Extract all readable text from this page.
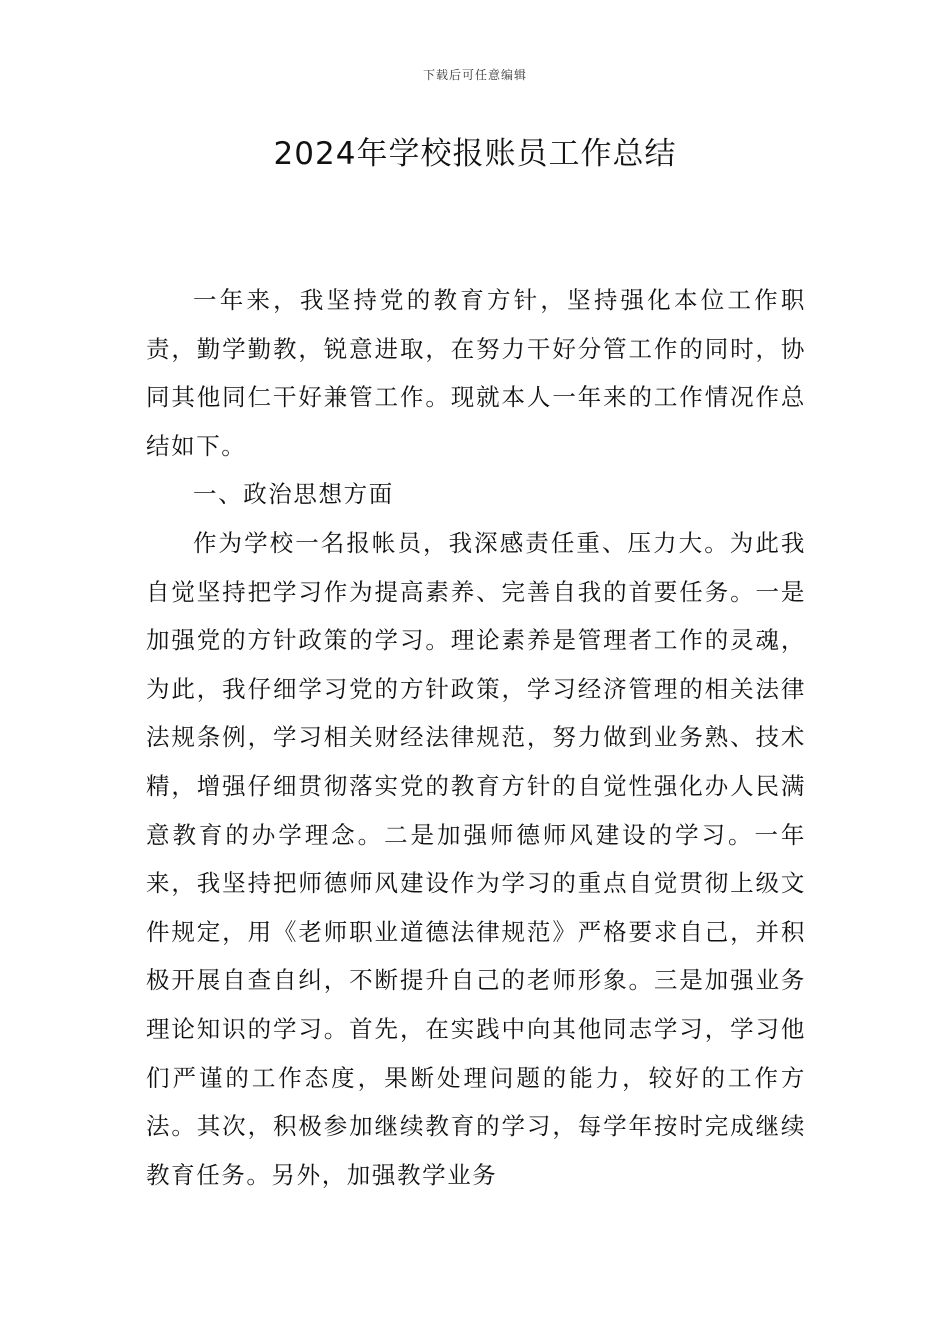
下载后可任意编辑
2024年学校报账员工作总结

一年来，我坚持党的教育方针，坚持强化本位工作职责，勤学勤教，锐意进取，在努力干好分管工作的同时，协同其他同仁干好兼管工作。现就本人一年来的工作情况作总结如下。

一、政治思想方面

作为学校一名报帐员，我深感责任重、压力大。为此我自觉坚持把学习作为提高素养、完善自我的首要任务。一是加强党的方针政策的学习。理论素养是管理者工作的灵魂，为此，我仔细学习党的方针政策，学习经济管理的相关法律法规条例，学习相关财经法律规范，努力做到业务熟、技术精，增强仔细贯彻落实党的教育方针的自觉性强化办人民满意教育的办学理念。二是加强师德师风建设的学习。一年来，我坚持把师德师风建设作为学习的重点自觉贯彻上级文件规定，用《老师职业道德法律规范》严格要求自己，并积极开展自查自纠，不断提升自己的老师形象。三是加强业务理论知识的学习。首先，在实践中向其他同志学习，学习他们严谨的工作态度，果断处理问题的能力，较好的工作方法。其次，积极参加继续教育的学习，每学年按时完成继续教育任务。另外，加强教学业务
